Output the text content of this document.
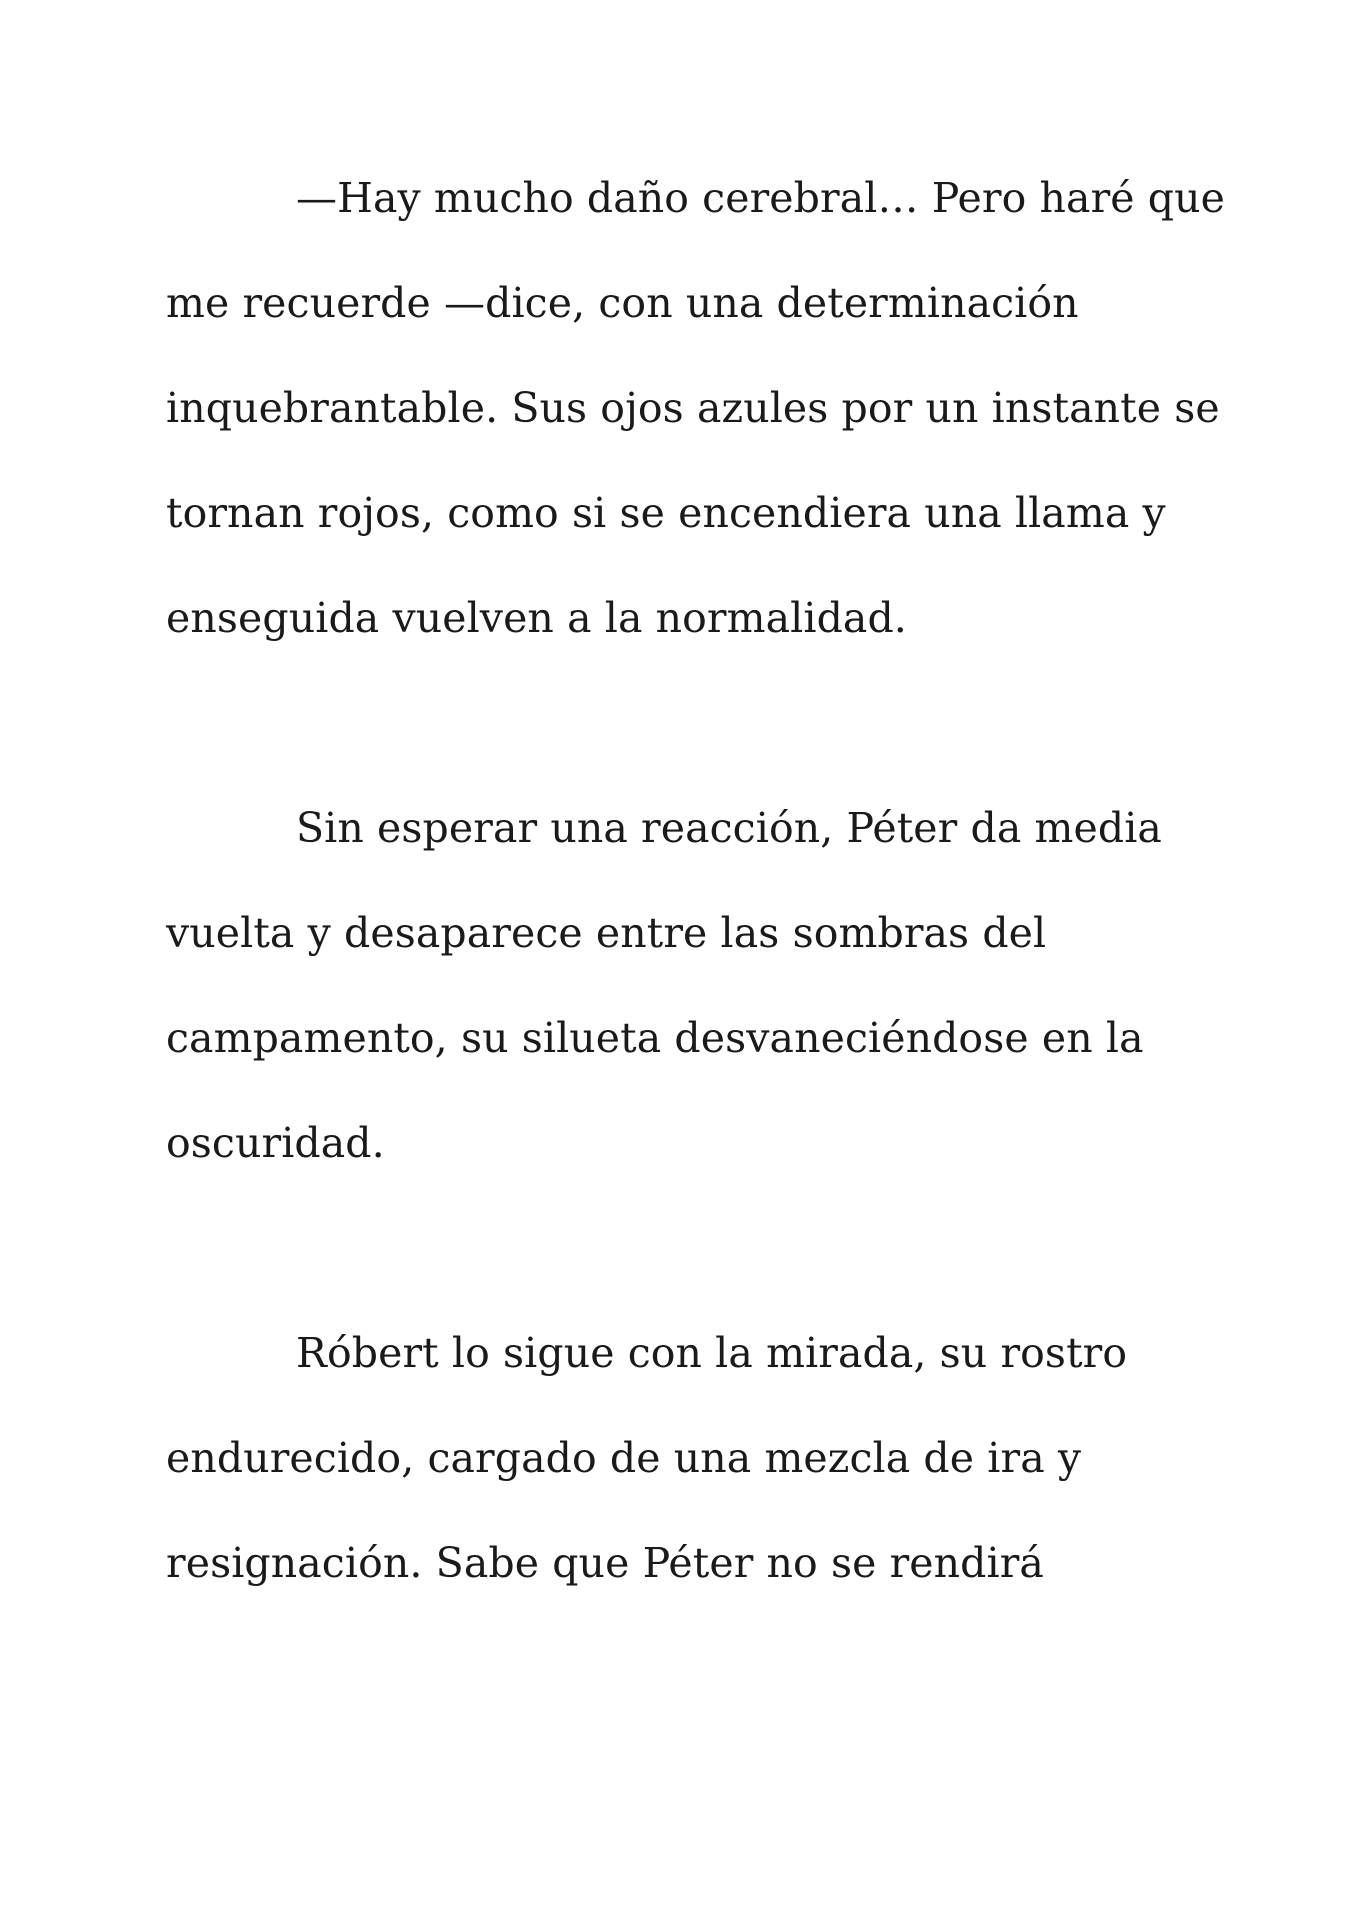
—Hay mucho daño cerebral… Pero haré que
me recuerde —dice, con una determinación
inquebrantable. Sus ojos azules por un instante se
tornan rojos, como si se encendiera una llama y
enseguida vuelven a la normalidad.
Sin esperar una reacción, Péter da media
vuelta y desaparece entre las sombras del
campamento, su silueta desvaneciéndose en la
oscuridad.
Róbert lo sigue con la mirada, su rostro
endurecido, cargado de una mezcla de ira y
resignación. Sabe que Péter no se rendirá
